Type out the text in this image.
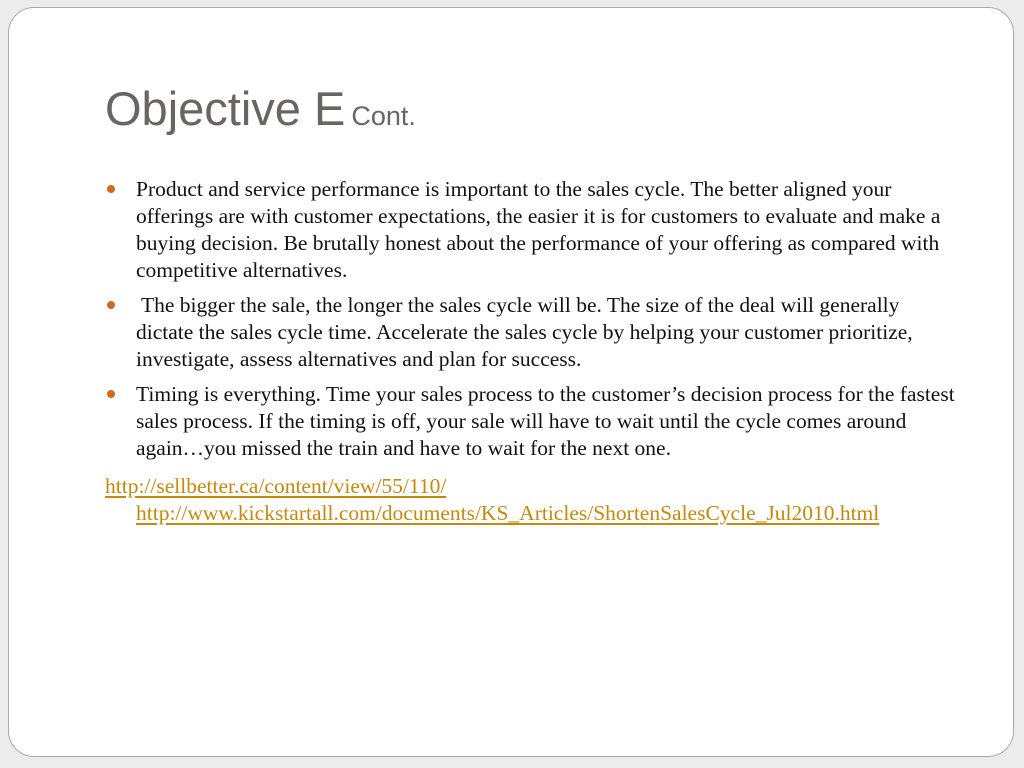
Objective E Cont.
Product and service performance is important to the sales cycle. The better aligned your offerings are with customer expectations, the easier it is for customers to evaluate and make a buying decision. Be brutally honest about the performance of your offering as compared with competitive alternatives.
The bigger the sale, the longer the sales cycle will be. The size of the deal will generally dictate the sales cycle time. Accelerate the sales cycle by helping your customer prioritize, investigate, assess alternatives and plan for success.
Timing is everything. Time your sales process to the customer’s decision process for the fastest sales process. If the timing is off, your sale will have to wait until the cycle comes around again…you missed the train and have to wait for the next one.
http://sellbetter.ca/content/view/55/110/ http://www.kickstartall.com/documents/KS_Articles/ShortenSalesCycle_Jul2010.html
